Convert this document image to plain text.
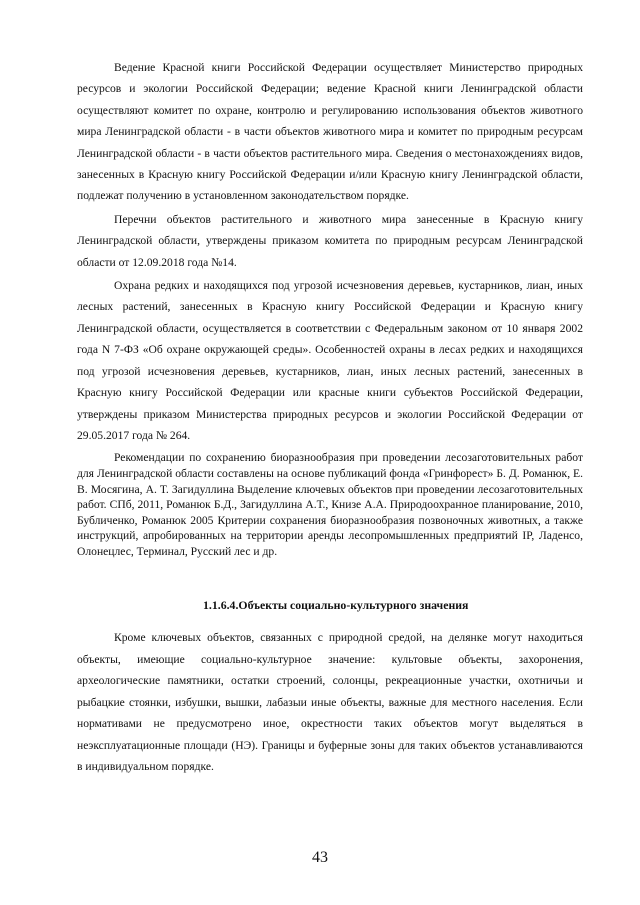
Ведение Красной книги Российской Федерации осуществляет Министерство природных ресурсов и экологии Российской Федерации; ведение Красной книги Ленинградской области осуществляют комитет по охране, контролю и регулированию использования объектов животного мира Ленинградской области - в части объектов животного мира и комитет по природным ресурсам Ленинградской области - в части объектов растительного мира. Сведения о местонахождениях видов, занесенных в Красную книгу Российской Федерации и/или Красную книгу Ленинградской области, подлежат получению в установленном законодательством порядке.

Перечни объектов растительного и животного мира занесенные в Красную книгу Ленинградской области, утверждены приказом комитета по природным ресурсам Ленинградской области от 12.09.2018 года №14.

Охрана редких и находящихся под угрозой исчезновения деревьев, кустарников, лиан, иных лесных растений, занесенных в Красную книгу Российской Федерации и Красную книгу Ленинградской области, осуществляется в соответствии с Федеральным законом от 10 января 2002 года N 7-ФЗ «Об охране окружающей среды». Особенностей охраны в лесах редких и находящихся под угрозой исчезновения деревьев, кустарников, лиан, иных лесных растений, занесенных в Красную книгу Российской Федерации или красные книги субъектов Российской Федерации, утверждены приказом Министерства природных ресурсов и экологии Российской Федерации от 29.05.2017 года № 264.

Рекомендации по сохранению биоразнообразия при проведении лесозаготовительных работ для Ленинградской области составлены на основе публикаций фонда «Гринфорест» Б. Д. Романюк, Е. В. Мосягина, А. Т. Загидуллина Выделение ключевых объектов при проведении лесозаготовительных работ. СПб, 2011, Романюк Б.Д., Загидуллина А.Т., Книзе А.А. Природоохранное планирование, 2010, Бубличенко, Романюк 2005 Критерии сохранения биоразнообразия позвоночных животных, а также инструкций, апробированных на территории аренды лесопромышленных предприятий IP, Ладенсо, Олонецлес, Терминал, Русский лес и др.

1.1.6.4.Объекты социально-культурного значения

Кроме ключевых объектов, связанных с природной средой, на делянке могут находиться объекты, имеющие социально-культурное значение: культовые объекты, захоронения, археологические памятники, остатки строений, солонцы, рекреационные участки, охотничьи и рыбацкие стоянки, избушки, вышки, лабазыи иные объекты, важные для местного населения. Если нормативами не предусмотрено иное, окрестности таких объектов могут выделяться в неэксплуатационные площади (НЭ). Границы и буферные зоны для таких объектов устанавливаются в индивидуальном порядке.

43
